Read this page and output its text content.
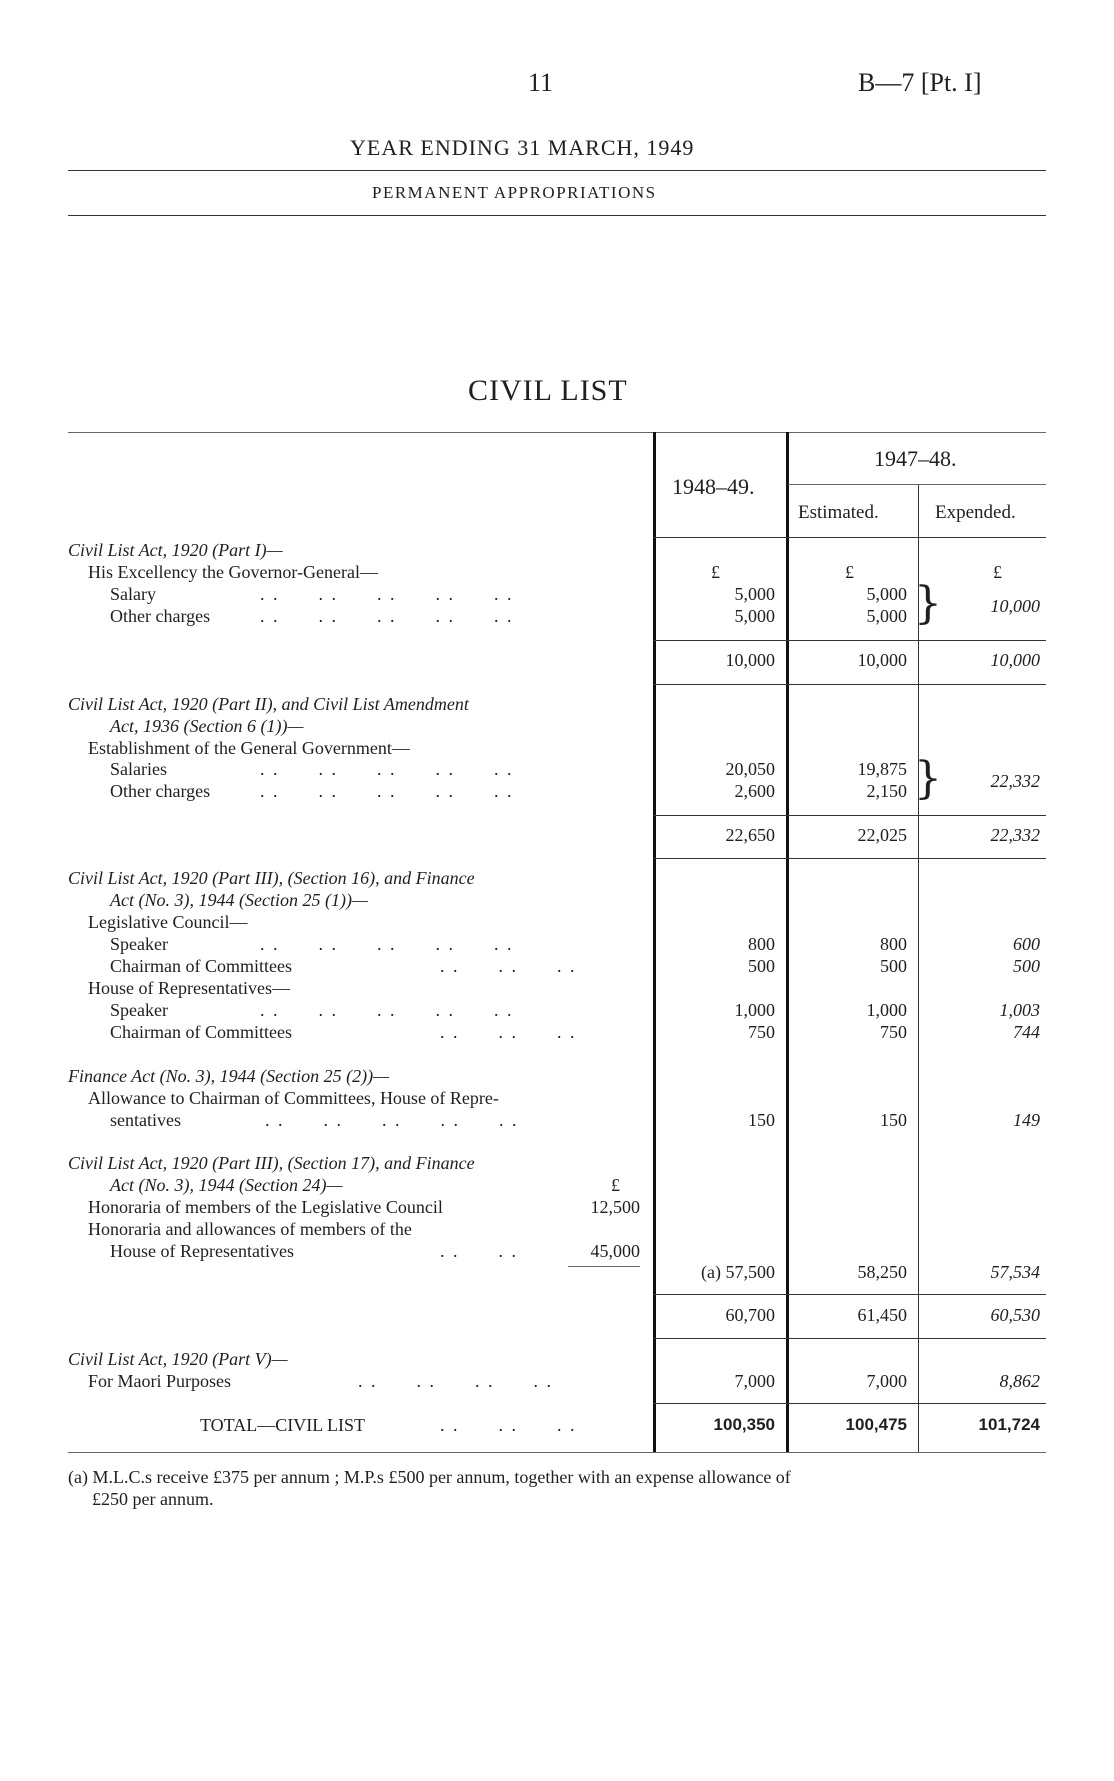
11	B—7 [Pt. I]
YEAR ENDING 31 MARCH, 1949
PERMANENT APPROPRIATIONS
CIVIL LIST
1948–49.
1947–48.
Estimated.	Expended.
Civil List Act, 1920 (Part I)—
His Excellency the Governor-General—	£	£	£
Salary	. .      . .      . .      . .      . .	5,000	5,000
Other charges	. .      . .      . .      . .      . .	5,000	5,000 }	10,000
10,000	10,000	10,000
Civil List Act, 1920 (Part II), and Civil List Amendment
Act, 1936 (Section 6 (1))—
Establishment of the General Government—
Salaries	. .      . .      . .      . .      . .	20,050	19,875
Other charges	. .      . .      . .      . .      . .	2,600	2,150 }	22,332
22,650	22,025	22,332
Civil List Act, 1920 (Part III), (Section 16), and Finance
Act (No. 3), 1944 (Section 25 (1))—
Legislative Council—
Speaker	. .      . .      . .      . .      . .	800	800	600
Chairman of Committees	. .      . .      . .	500	500	500
House of Representatives—
Speaker	. .      . .      . .      . .      . .	1,000	1,000	1,003
Chairman of Committees	. .      . .      . .	750	750	744
Finance Act (No. 3), 1944 (Section 25 (2))—
Allowance to Chairman of Committees, House of Repre-
sentatives	. .      . .      . .      . .      . .	150	150	149
Civil List Act, 1920 (Part III), (Section 17), and Finance
Act (No. 3), 1944 (Section 24)—	£
Honoraria of members of the Legislative Council	12,500
Honoraria and allowances of members of the
House of Representatives	. .      . .	45,000
(a) 57,500	58,250	57,534
60,700	61,450	60,530
Civil List Act, 1920 (Part V)—
For Maori Purposes	. .      . .      . .      . .	7,000	7,000	8,862
TOTAL—CIVIL LIST	. .      . .      . .	100,350	100,475	101,724
(a) M.L.C.s receive £375 per annum ; M.P.s £500 per annum, together with an expense allowance of
£250 per annum.
